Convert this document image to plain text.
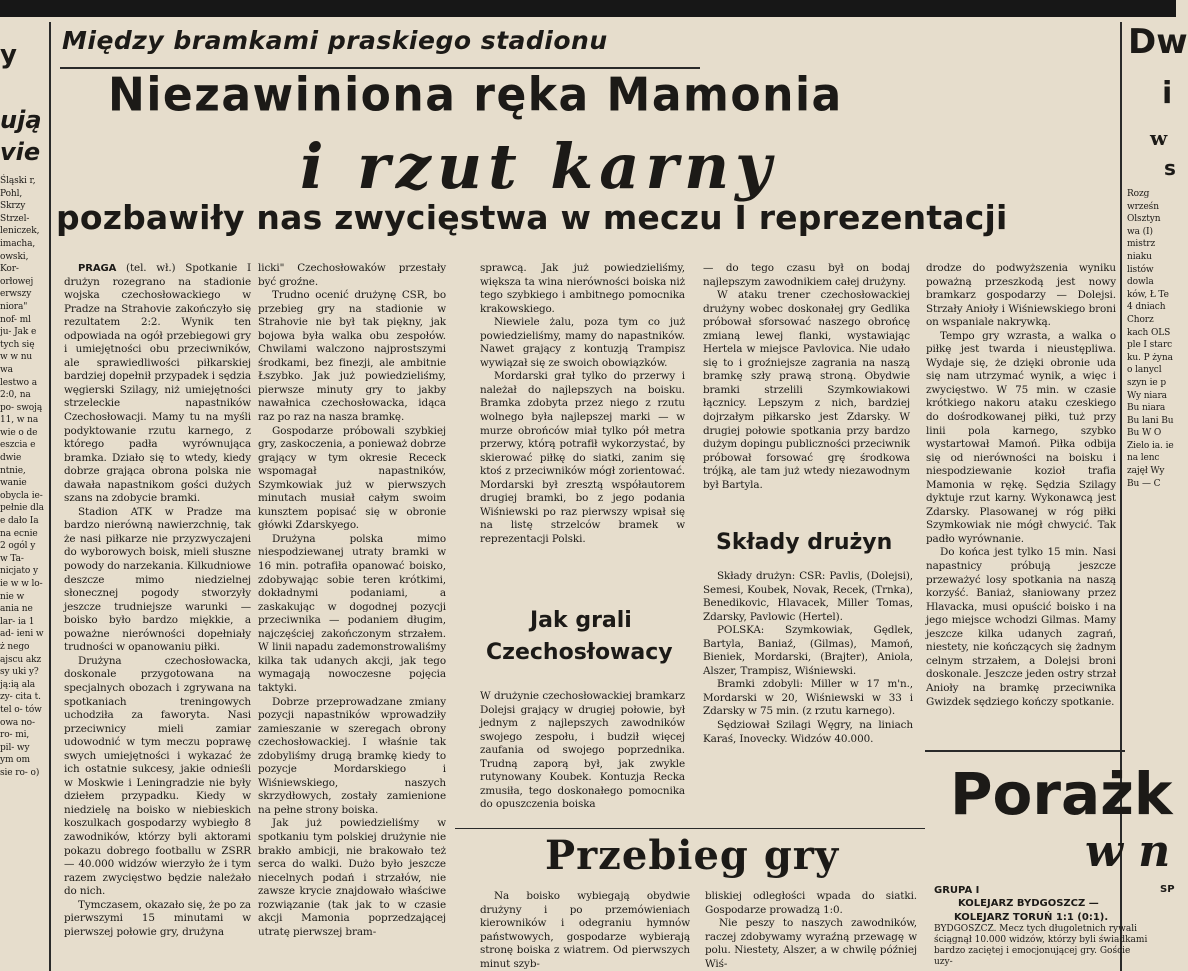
y
ują
vie
Śląski r, Pohl, Skrzy Strzel- leniczek, imacha, owski, Kor- orłowej erwszy niora" nof- ml ju- Jak e tych się w w nu wa lestwo a 2:0, na po- swoją 11, w na wie o de eszcia e dwie ntnie, wanie obycla ie- pełnie dla e dało Ia na ecnie 2 ogól y w Ta- nicjato y ie w w lo- nie w ania ne lar- ia 1 ad- ieni w ż nego ajscu akz sy uki y? ją:ią ala zy- cita t. tel o- tów owa no- ro- mi, pil- wy ym om sie ro- o)
Między bramkami praskiego stadionu
Niezawiniona ręka Mamonia
i rzut karny
pozbawiły nas zwycięstwa w meczu I reprezentacji

PRAGA (tel. wł.) Spotkanie I drużyn rozegrano na stadionie wojska czechosłowackiego w Pradze na Strahovie zakończyło się rezultatem 2:2. Wynik ten odpowiada na ogół przebiegowi gry i umiejętności obu przeciwników, ale sprawiedliwości piłkarskiej bardziej dopełnił przypadek i sędzia węgierski Szilagy, niż umiejętności strzeleckie napastników Czechosłowacji. Mamy tu na myśli podyktowanie rzutu karnego, z którego padła wyrównująca bramka. Działo się to wtedy, kiedy dobrze grająca obrona polska nie dawała napastnikom gości dużych szans na zdobycie bramki.

Stadion ATK w Pradze ma bardzo nierówną nawierzchnię, tak że nasi piłkarze nie przyzwyczajeni do wyborowych boisk, mieli słuszne powody do narzekania. Kilkudniowe deszcze mimo niedzielnej słonecznej pogody stworzyły jeszcze trudniejsze warunki — boisko było bardzo miękkie, a poważne nierówności dopełniały trudności w opanowaniu piłki.

Drużyna czechosłowacka, doskonale przygotowana na specjalnych obozach i zgrywana na spotkaniach treningowych uchodziła za faworyta. Nasi przeciwnicy mieli zamiar udowodnić w tym meczu poprawę swych umiejętności i wykazać że ich ostatnie sukcesy, jakie odnieśli w Moskwie i Leningradzie nie były dziełem przypadku. Kiedy w niedzielę na boisko w niebieskich koszulkach gospodarzy wybiegło 8 zawodników, którzy byli aktorami pokazu dobrego footballu w ZSRR — 40.000 widzów wierzyło że i tym razem zwycięstwo będzie należało do nich.

Tymczasem, okazało się, że po za pierwszymi 15 minutami w pierwszej połowie gry, drużyna

licki" Czechosłowaków przestały być groźne.

Trudno ocenić drużynę CSR, bo przebieg gry na stadionie w Strahovie nie był tak piękny, jak bojowa była walka obu zespołów. Chwilami walczono najprostszymi środkami, bez finezji, ale ambitnie Łszybko. Jak już powiedzieliśmy, pierwsze minuty gry to jakby nawałnica czechosłowacka, idąca raz po raz na nasza bramkę.

Gospodarze próbowali szybkiej gry, zaskoczenia, a ponieważ dobrze grający w tym okresie Receck wspomagał napastników, Szymkowiak już w pierwszych minutach musiał całym swoim kunsztem popisać się w obronie główki Zdarskyego.

Drużyna polska mimo niespodziewanej utraty bramki w 16 min. potrafiła opanować boisko, zdobywając sobie teren krótkimi, dokładnymi podaniami, a zaskakując w dogodnej pozycji przeciwnika — podaniem długim, najczęściej zakończonym strzałem. W linii napadu zademonstrowaliśmy kilka tak udanych akcji, jak tego wymagają nowoczesne pojęcia taktyki.

Dobrze przeprowadzane zmiany pozycji napastników wprowadziły zamieszanie w szeregach obrony czechosłowackiej. I właśnie tak zdobyliśmy drugą bramkę kiedy to pozycje Mordarskiego i Wiśniewskiego, naszych skrzydłowych, zostały zamienione na pełne strony boiska.

Jak już powiedzieliśmy w spotkaniu tym polskiej drużynie nie brakło ambicji, nie brakowało też serca do walki. Dużo było jeszcze niecelnych podań i strzałów, nie zawsze krycie znajdowało właściwe rozwiązanie (tak jak to w czasie akcji Mamonia poprzedzającej utratę pierwszej bram-

sprawcą. Jak już powiedzieliśmy, większa ta wina nierówności boiska niż tego szybkiego i ambitnego pomocnika krakowskiego.

Niewiele żalu, poza tym co już powiedzieliśmy, mamy do napastników. Nawet grający z kontuzją Trampisz wywiązał się ze swoich obowiązków.

Mordarski grał tylko do przerwy i należał do najlepszych na boisku. Bramka zdobyta przez niego z rzutu wolnego była najlepszej marki — w murze obrońców miał tylko pół metra przerwy, którą potrafił wykorzystać, by skierować piłkę do siatki, zanim się ktoś z przeciwników mógł zorientować. Mordarski był zresztą współautorem drugiej bramki, bo z jego podania Wiśniewski po raz pierwszy wpisał się na listę strzelców bramek w reprezentacji Polski.

Jak grali
Czechosłowacy

W drużynie czechosłowackiej bramkarz Dolejsi grający w drugiej połowie, był jednym z najlepszych zawodników swojego zespołu, i budził więcej zaufania od swojego poprzednika. Trudną zaporą był, jak zwykle rutynowany Koubek. Kontuzja Recka zmusiła, tego doskonałego pomocnika do opuszczenia boiska

— do tego czasu był on bodaj najlepszym zawodnikiem całej drużyny.

W ataku trener czechosłowackiej drużyny wobec doskonałej gry Gedlika próbował sforsować naszego obrońcę zmianą lewej flanki, wystawiając Hertela w miejsce Pavlovica. Nie udało się to i groźniejsze zagrania na naszą bramkę szły prawą stroną. Obydwie bramki strzelili Szymkowiakowi łącznicy. Lepszym z nich, bardziej dojrzałym piłkarsko jest Zdarsky. W drugiej połowie spotkania przy bardzo dużym dopingu publiczności przeciwnik próbował forsować grę środkowa trójką, ale tam już wtedy niezawodnym był Bartyla.

Składy drużyn

Składy drużyn: CSR: Pavlis, (Dolejsi), Semesi, Koubek, Novak, Recek, (Trnka), Benedikovic, Hlavacek, Miller Tomas, Zdarsky, Pavlowic (Hertel).

POLSKA: Szymkowiak, Gędlek, Bartyla, Baniaź, (Gilmas), Mamoń, Bieniek, Mordarski, (Brajter), Aniola, Alszer, Trampisz, Wiśniewski.

Bramki zdobyli: Miller w 17 m'n., Mordarski w 20, Wiśniewski w 33 i Zdarsky w 75 min. (z rzutu karnego).

Sędziował Szilagi Węgry, na liniach Karaś, Inovecky. Widzów 40.000.

drodze do podwyższenia wyniku poważną przeszkodą jest nowy bramkarz gospodarzy — Dolejsi. Strzały Anioły i Wiśniewskiego broni on wspaniale nakrywką.

Tempo gry wzrasta, a walka o piłkę jest twarda i nieustępliwa. Wydaje się, że dzięki obronie uda się nam utrzymać wynik, a więc i zwycięstwo. W 75 min. w czasie krótkiego nakoru ataku czeskiego do dośrodkowanej piłki, tuż przy linii pola karnego, szybko wystartował Mamoń. Piłka odbija się od nierówności na boisku i niespodziewanie kozioł trafia Mamonia w rękę. Sędzia Szilagy dyktuje rzut karny. Wykonawcą jest Zdarsky. Plasowanej w róg piłki Szymkowiak nie mógł chwycić. Tak padło wyrównanie.

Do końca jest tylko 15 min. Nasi napastnicy próbują jeszcze przeważyć losy spotkania na naszą korzyść. Baniaż, słaniowany przez Hlavacka, musi opuścić boisko i na jego miejsce wchodzi Gilmas. Mamy jeszcze kilka udanych zagrań, niestety, nie kończących się żadnym celnym strzałem, a Dolejsi broni doskonale. Jeszcze jeden ostry strzał Anioły na bramkę przeciwnika Gwizdek sędziego kończy spotkanie.

Przebieg gry

Na boisko wybiegają obydwie drużyny i po przemówieniach kierowników i odegraniu hymnów państwowych, gospodarze wybierają stronę boiska z wiatrem. Od pierwszych minut szyb-

bliskiej odległości wpada do siatki. Gospodarze prowadzą 1:0.

Nie peszy to naszych zawodników, raczej zdobywamy wyraźną przewagę w polu. Niestety, Alszer, a w chwilę później Wiś-

Dw
i
w
s
Rozg wrześn Olsztyn wa (I) mistrz niaku listów dowla ków, Ł Te 4 dniach Chorz kach OLS ple I starc ku. P żyna o lanycl szyn ie p Wy niara Bu niara Bu lani Bu Bu W O Zielo ia. ie na lenc zajęł Wy Bu — C
Porażk
w n
GRUPA I
KOLEJARZ BYDGOSZCZ —
KOLEJARZ TORUŃ 1:1 (0:1).
BYDGOSZCZ. Mecz tych długoletnich rywali ściągnął 10.000 widzów, którzy byli świadkami bardzo zaciętej i emocjonującej gry. Goście uzy-
SP
